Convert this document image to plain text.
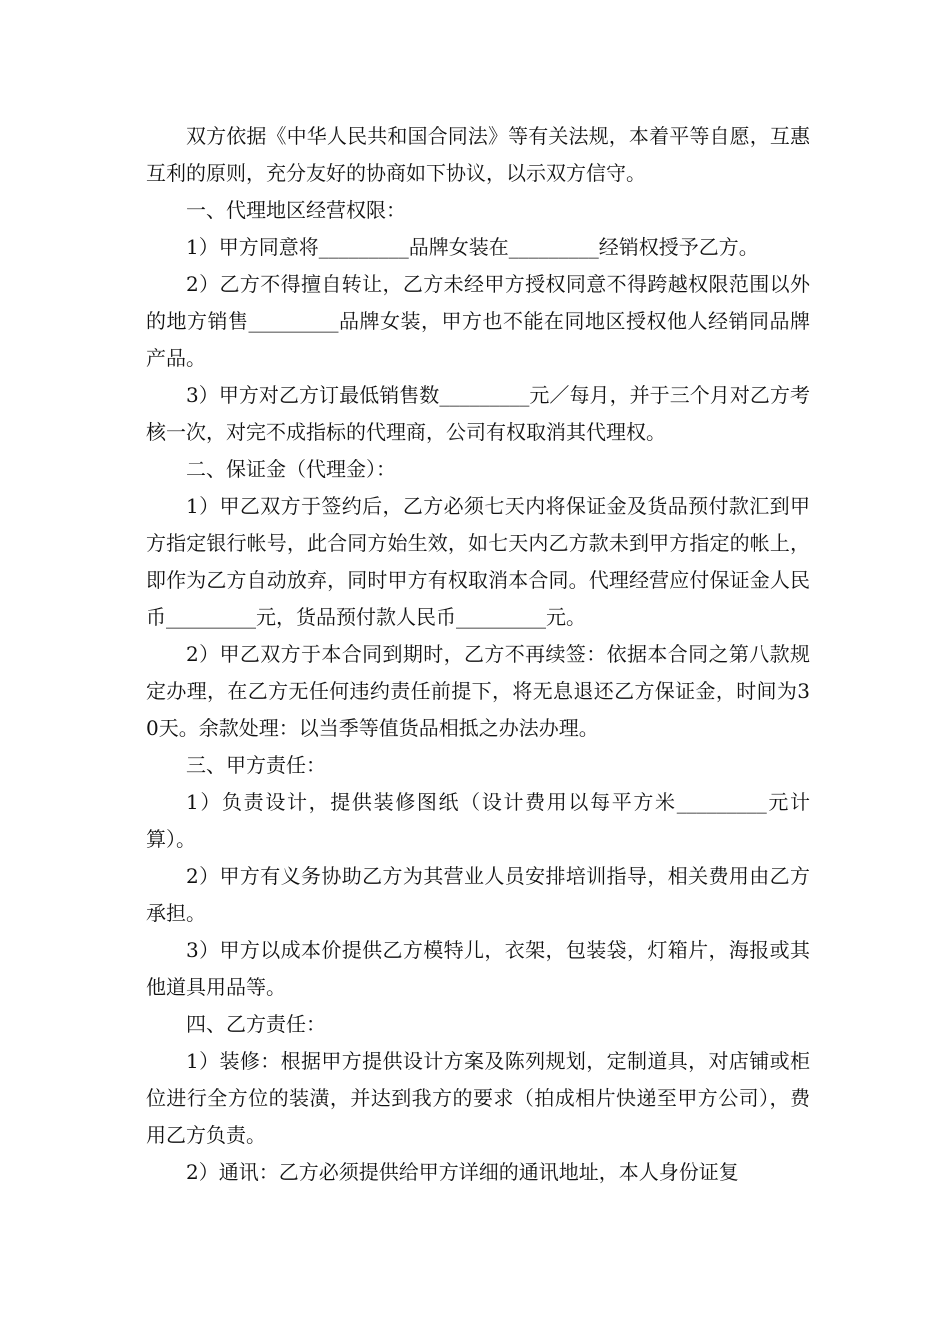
双方依据《中华人民共和国合同法》等有关法规，本着平等自愿，互惠互利的原则，充分友好的协商如下协议，以示双方信守。

一、代理地区经营权限：

1）甲方同意将_________品牌女装在_________经销权授予乙方。

2）乙方不得擅自转让，乙方未经甲方授权同意不得跨越权限范围以外的地方销售_________品牌女装，甲方也不能在同地区授权他人经销同品牌产品。

3）甲方对乙方订最低销售数_________元／每月，并于三个月对乙方考核一次，对完不成指标的代理商，公司有权取消其代理权。

二、保证金（代理金）：

1）甲乙双方于签约后，乙方必须七天内将保证金及货品预付款汇到甲方指定银行帐号，此合同方始生效，如七天内乙方款未到甲方指定的帐上，即作为乙方自动放弃，同时甲方有权取消本合同。代理经营应付保证金人民币_________元，货品预付款人民币_________元。

2）甲乙双方于本合同到期时，乙方不再续签：依据本合同之第八款规定办理，在乙方无任何违约责任前提下，将无息退还乙方保证金，时间为30天。余款处理：以当季等值货品相抵之办法办理。

三、甲方责任：

1）负责设计，提供装修图纸（设计费用以每平方米_________元计算）。

2）甲方有义务协助乙方为其营业人员安排培训指导，相关费用由乙方承担。

3）甲方以成本价提供乙方模特儿，衣架，包装袋，灯箱片，海报或其他道具用品等。

四、乙方责任：

1）装修：根据甲方提供设计方案及陈列规划，定制道具，对店铺或柜位进行全方位的装潢，并达到我方的要求（拍成相片快递至甲方公司），费用乙方负责。

2）通讯：乙方必须提供给甲方详细的通讯地址，本人身份证复
